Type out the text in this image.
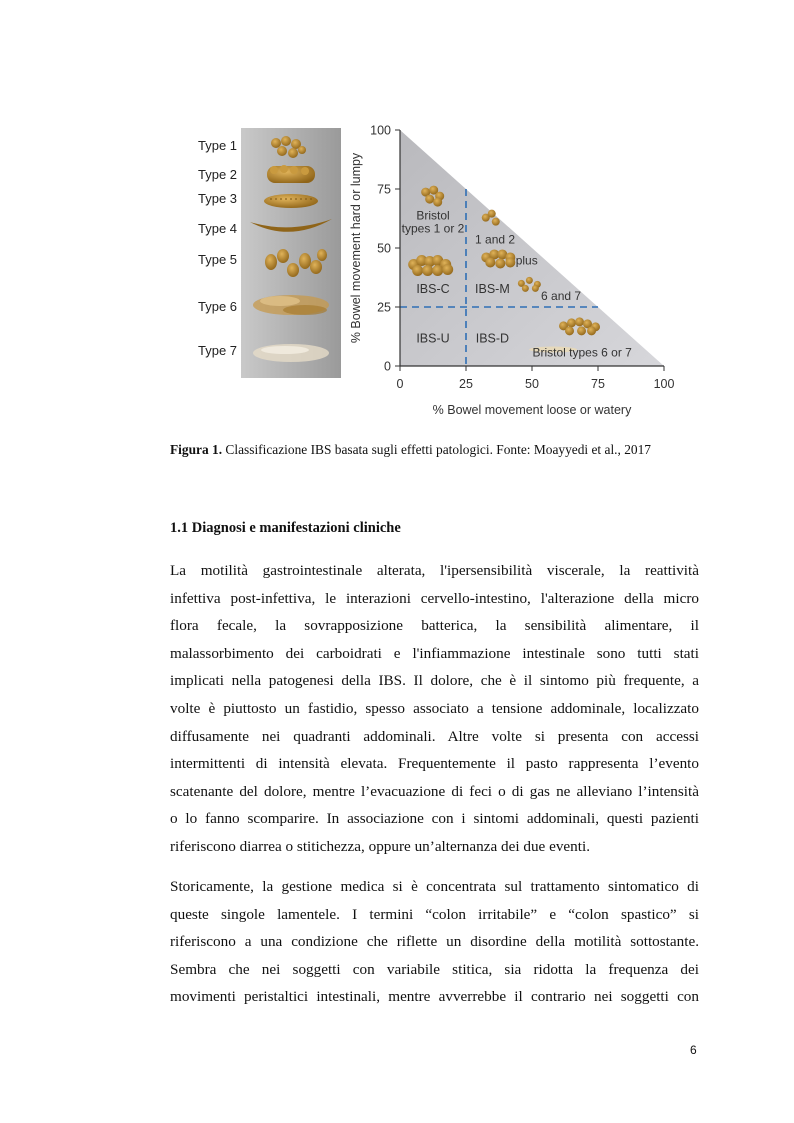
Type 1
Type 2
Type 3
Type 4
Type 5
Type 6
Type 7
0
25
50
75
100
0	25	50	75	100
IBS-C IBS-M
IBS-U IBS-D
Bristol
types 1 or 2
1 and 2
plus
6 and 7
Bristol types 6 or 7
% Bowel movement loose or watery
% Bowel movement hard or lumpy
Figura 1. Classificazione IBS basata sugli effetti patologici. Fonte: Moayyedi et al., 2017
1.1 Diagnosi e manifestazioni cliniche
La motilità gastrointestinale alterata, l'ipersensibilità viscerale, la reattività
infettiva post-infettiva, le interazioni cervello-intestino, l'alterazione della micro
flora fecale, la sovrapposizione batterica, la sensibilità alimentare, il
malassorbimento dei carboidrati e l'infiammazione intestinale sono tutti stati
implicati nella patogenesi della IBS. Il dolore, che è il sintomo più frequente, a
volte è piuttosto un fastidio, spesso associato a tensione addominale, localizzato
diffusamente nei quadranti addominali. Altre volte si presenta con accessi
intermittenti di intensità elevata. Frequentemente il pasto rappresenta l’evento
scatenante del dolore, mentre l’evacuazione di feci o di gas ne alleviano l’intensità
o lo fanno scomparire. In associazione con i sintomi addominali, questi pazienti
riferiscono diarrea o stitichezza, oppure un’alternanza dei due eventi.
Storicamente, la gestione medica si è concentrata sul trattamento sintomatico di
queste singole lamentele. I termini “colon irritabile” e “colon spastico” si
riferiscono a una condizione che riflette un disordine della motilità sottostante.
Sembra che nei soggetti con variabile stitica, sia ridotta la frequenza dei
movimenti peristaltici intestinali, mentre avverrebbe il contrario nei soggetti con
6
